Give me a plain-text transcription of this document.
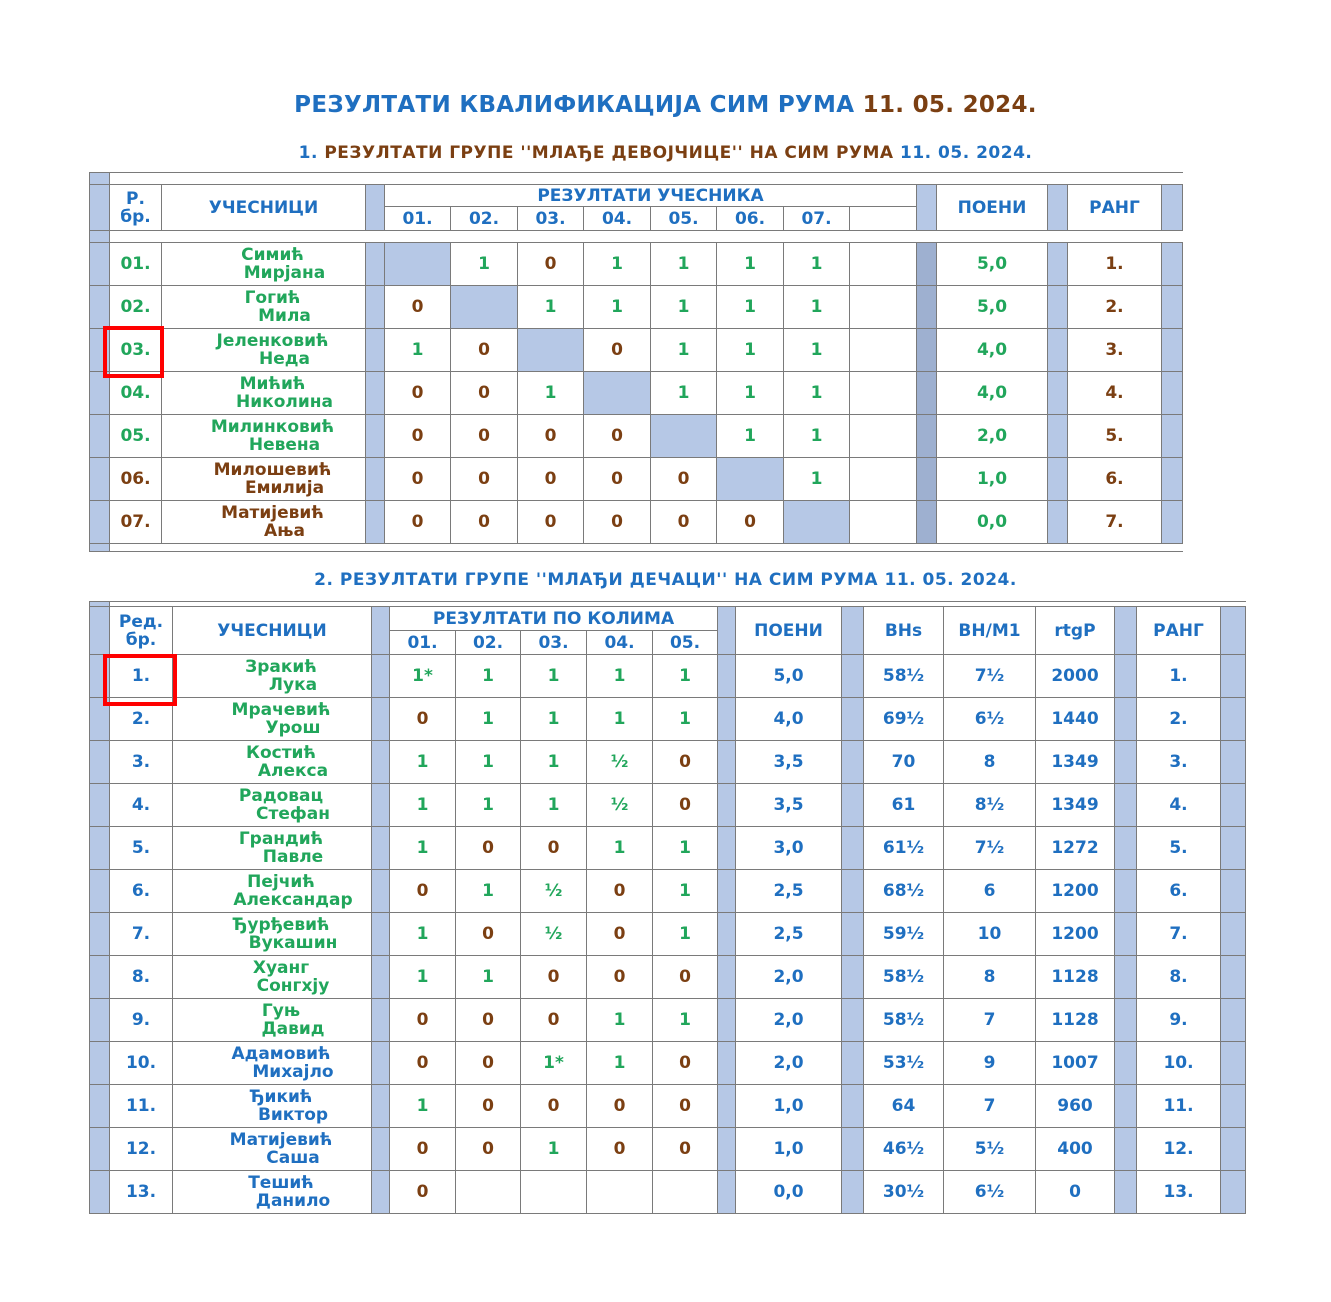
РЕЗУЛТАТИ КВАЛИФИКАЦИЈА СИМ РУМА 11. 05. 2024.
1. РЕЗУЛТАТИ ГРУПЕ ''МЛАЂЕ ДЕВОЈЧИЦЕ'' НА СИМ РУМА 11. 05. 2024.

	Р.
бр.	УЧЕСНИЦИ		РЕЗУЛТАТИ УЧЕСНИКА									ПОЕНИ		РАНГ	
				01.	02.	03.	04.	05.	06.	07.						

	01.	Симић
Мирјана			1	0	1	1	1	1			5,0		1.	
	02.	Гогић
Мила		0		1	1	1	1	1			5,0		2.	
	03.	Јеленковић
Неда		1	0		0	1	1	1			4,0		3.	
	04.	Мићић
Николина		0	0	1		1	1	1			4,0		4.	
	05.	Милинковић
Невена		0	0	0	0		1	1			2,0		5.	
	06.	Милошевић
Емилија		0	0	0	0	0		1			1,0		6.	
	07.	Матијевић
Ања		0	0	0	0	0	0				0,0		7.	

2. РЕЗУЛТАТИ ГРУПЕ ''МЛАЂИ ДЕЧАЦИ'' НА СИМ РУМА 11. 05. 2024.

	Ред.
бр.	УЧЕСНИЦИ		РЕЗУЛТАТИ ПО КОЛИМА						ПОЕНИ		BHs	BH/M1	rtgP		РАНГ	
				01.	02.	03.	04.	05.									
	1.	Зракић
Лука		1*	1	1	1	1		5,0		58½	7½	2000		1.	
	2.	Мрачевић
Урош		0	1	1	1	1		4,0		69½	6½	1440		2.	
	3.	Костић
Алекса		1	1	1	½	0		3,5		70	8	1349		3.	
	4.	Радовац
Стефан		1	1	1	½	0		3,5		61	8½	1349		4.	
	5.	Грандић
Павле		1	0	0	1	1		3,0		61½	7½	1272		5.	
	6.	Пејчић
Александар		0	1	½	0	1		2,5		68½	6	1200		6.	
	7.	Ђурђевић
Вукашин		1	0	½	0	1		2,5		59½	10	1200		7.	
	8.	Хуанг
Сонгхју		1	1	0	0	0		2,0		58½	8	1128		8.	
	9.	Гуњ
Давид		0	0	0	1	1		2,0		58½	7	1128		9.	
	10.	Адамовић
Михајло		0	0	1*	1	0		2,0		53½	9	1007		10.	
	11.	Ђикић
Виктор		1	0	0	0	0		1,0		64	7	960		11.	
	12.	Матијевић
Саша		0	0	1	0	0		1,0		46½	5½	400		12.	
	13.	Тешић
Данило		0						0,0		30½	6½	0		13.	
